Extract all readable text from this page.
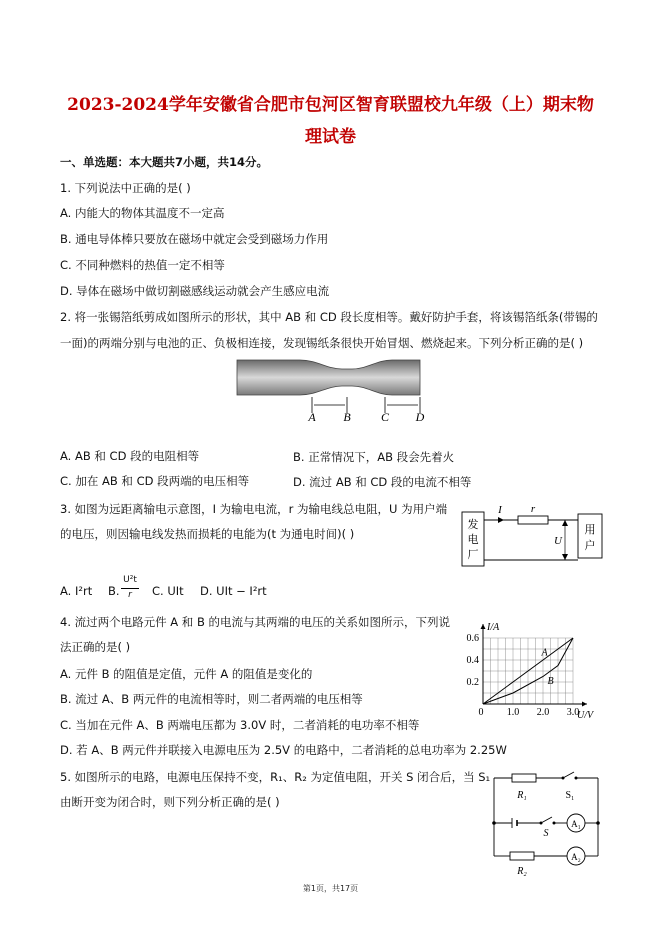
2023-2024学年安徽省合肥市包河区智育联盟校九年级（上）期末物
理试卷
一、单选题：本大题共7小题，共14分。
1. 下列说法中正确的是( )
A. 内能大的物体其温度不一定高
B. 通电导体棒只要放在磁场中就定会受到磁场力作用
C. 不同种燃料的热值一定不相等
D. 导体在磁场中做切割磁感线运动就会产生感应电流
2. 将一张锡箔纸剪成如图所示的形状，其中 AB 和 CD 段长度相等。戴好防护手套，将该锡箔纸条(带锡的
一面)的两端分别与电池的正、负极相连接，发现锡纸条很快开始冒烟、燃烧起来。下列分析正确的是( )
A B	C D
A. AB 和 CD 段的电阻相等	B. 正常情况下，AB 段会先着火
C. 加在 AB 和 CD 段两端的电压相等	D. 流过 AB 和 CD 段的电流不相等
3. 如图为远距离输电示意图，I 为输电电流，r 为输电线总电阻，U 为用户端
的电压，则因输电线发热而损耗的电能为(t 为通电时间)( )
发
电
厂
I	r
U
用
户
A. I²rt B.
U²t
r	C. UIt D. UIt − I²rt
4. 流过两个电路元件 A 和 B 的电流与其两端的电压的关系如图所示，下列说
法正确的是( )
A. 元件 B 的阻值是定值，元件 A 的阻值是变化的
B. 流过 A、B 两元件的电流相等时，则二者两端的电压相等
C. 当加在元件 A、B 两端电压都为 3.0V 时，二者消耗的电功率不相等
D. 若 A、B 两元件并联接入电源电压为 2.5V 的电路中，二者消耗的总电功率为 2.25W
I/A
U/V
0 1.0 2.0 3.0
0.2
0.4
0.6
A
B
5. 如图所示的电路，电源电压保持不变，R₁、R₂ 为定值电阻，开关 S 闭合后，当 S₁
由断开变为闭合时，则下列分析正确的是( )	R₁	S₁
S
A₁
A₂
R₂
第1页，共17页
